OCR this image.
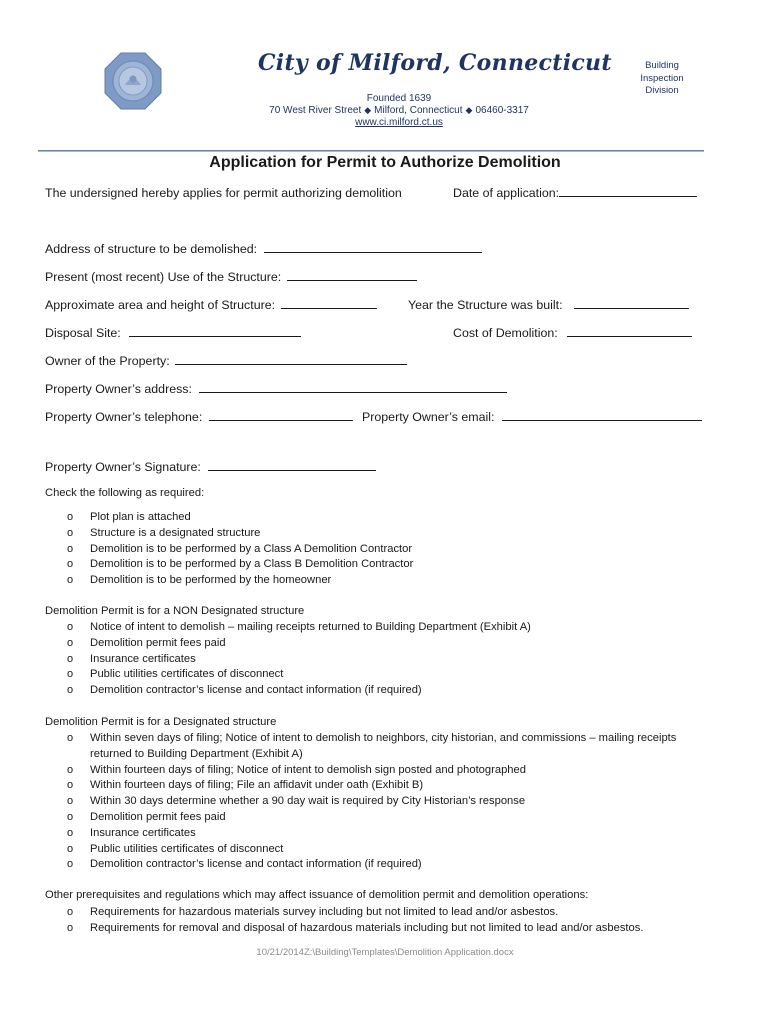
City of Milford, Connecticut
Founded 1639
70 West River Street ◆ Milford, Connecticut ◆ 06460-3317
www.ci.milford.ct.us
Building
Inspection
Division
Application for Permit to Authorize Demolition
The undersigned hereby applies for permit authorizing demolition	Date of application:
Address of structure to be demolished:
Present (most recent) Use of the Structure:
Approximate area and height of Structure:	Year the Structure was built:
Disposal Site:	Cost of Demolition:
Owner of the Property:
Property Owner’s address:
Property Owner’s telephone:	Property Owner’s email:
Property Owner’s Signature:
Check the following as required:
o Plot plan is attached
o Structure is a designated structure
o Demolition is to be performed by a Class A Demolition Contractor
o Demolition is to be performed by a Class B Demolition Contractor
o Demolition is to be performed by the homeowner
Demolition Permit is for a NON Designated structure
o Notice of intent to demolish – mailing receipts returned to Building Department (Exhibit A)
o Demolition permit fees paid
o Insurance certificates
o Public utilities certificates of disconnect
o Demolition contractor’s license and contact information (if required)
Demolition Permit is for a Designated structure
o Within seven days of filing; Notice of intent to demolish to neighbors, city historian, and commissions – mailing receipts returned to Building Department (Exhibit A)
o Within fourteen days of filing; Notice of intent to demolish sign posted and photographed
o Within fourteen days of filing; File an affidavit under oath (Exhibit B)
o Within 30 days determine whether a 90 day wait is required by City Historian’s response
o Demolition permit fees paid
o Insurance certificates
o Public utilities certificates of disconnect
o Demolition contractor’s license and contact information (if required)
Other prerequisites and regulations which may affect issuance of demolition permit and demolition operations:
o Requirements for hazardous materials survey including but not limited to lead and/or asbestos.
o Requirements for removal and disposal of hazardous materials including but not limited to lead and/or asbestos.
10/21/2014Z:\Building\Templates\Demolition Application.docx
